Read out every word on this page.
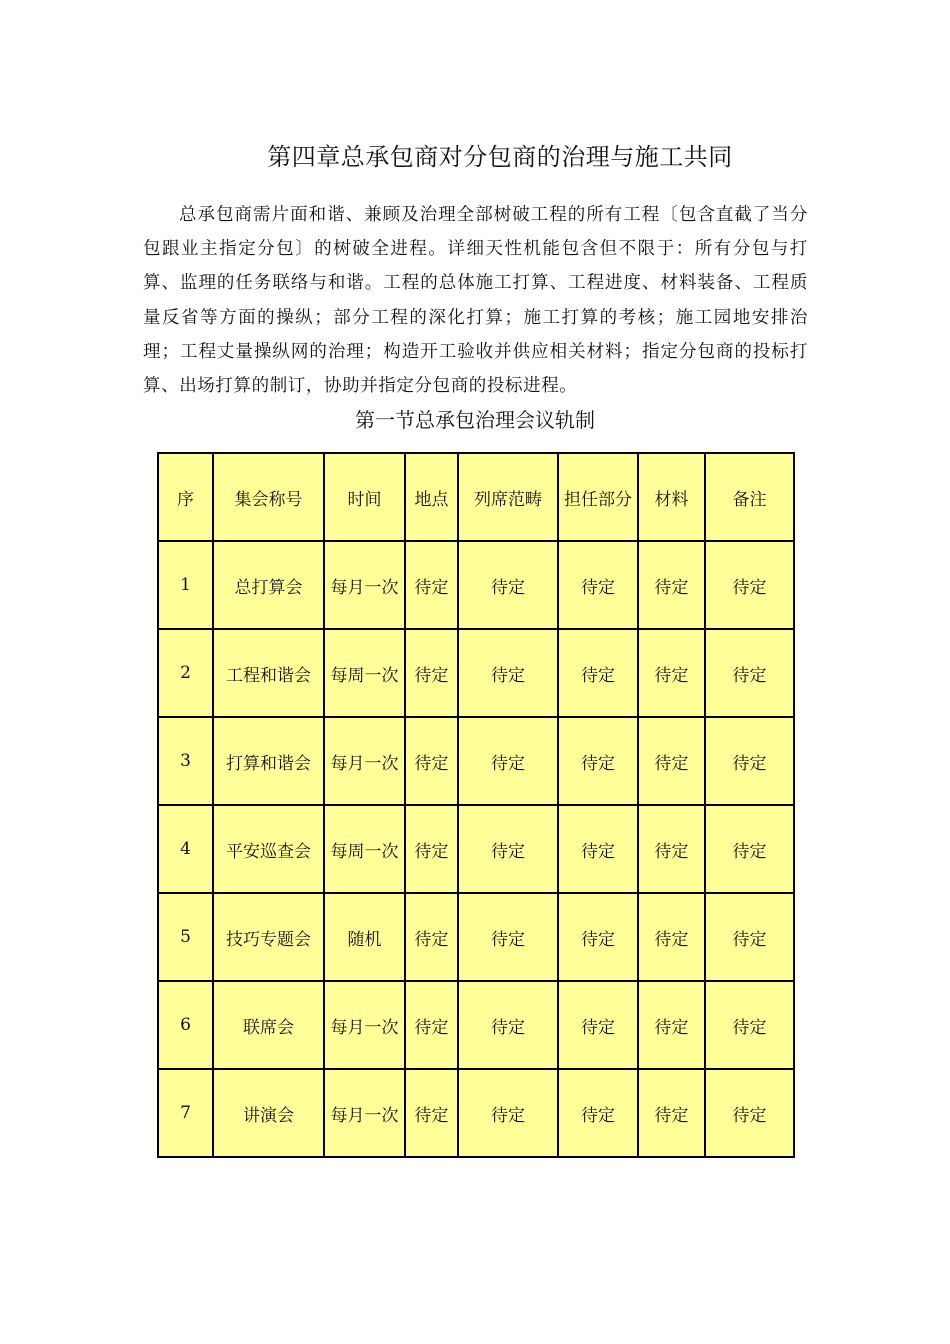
第四章总承包商对分包商的治理与施工共同

总承包商需片面和谐、兼顾及治理全部树破工程的所有工程〔包含直截了当分包跟业主指定分包〕的树破全进程。详细天性机能包含但不限于：所有分包与打算、监理的任务联络与和谐。工程的总体施工打算、工程进度、材料装备、工程质量反省等方面的操纵；部分工程的深化打算；施工打算的考核；施工园地安排治理；工程丈量操纵网的治理；构造开工验收并供应相关材料；指定分包商的投标打算、出场打算的制订，协助并指定分包商的投标进程。

第一节总承包治理会议轨制
序	集会称号	时间	地点	列席范畴	担任部分	材料	备注
1	总打算会	每月一次	待定	待定	待定	待定	待定
2	工程和谐会	每周一次	待定	待定	待定	待定	待定
3	打算和谐会	每月一次	待定	待定	待定	待定	待定
4	平安巡查会	每周一次	待定	待定	待定	待定	待定
5	技巧专题会	随机	待定	待定	待定	待定	待定
6	联席会	每月一次	待定	待定	待定	待定	待定
7	讲演会	每月一次	待定	待定	待定	待定	待定
